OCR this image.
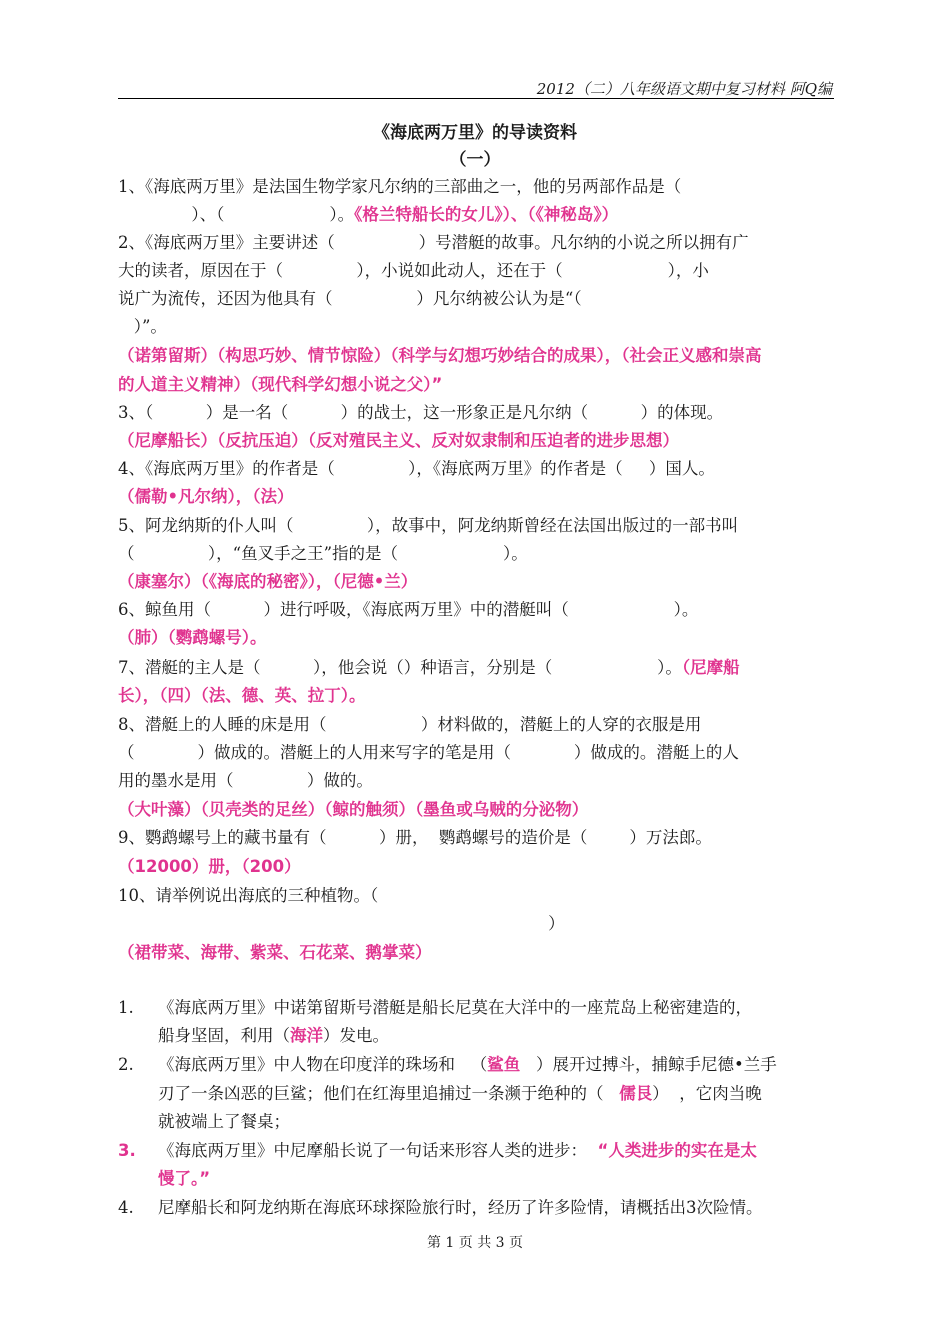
2012（二）八年级语文期中复习材料 阿Q编
《海底两万里》的导读资料
（一）
1、《海底两万里》是法国生物学家凡尔纳的三部曲之一，他的另两部作品是（
）、（                    ）。《格兰特船长的女儿》）、（《神秘岛》）
2、《海底两万里》主要讲述（                ）号潜艇的故事。凡尔纳的小说之所以拥有广
大的读者，原因在于（              ），小说如此动人，还在于（                    ），小
说广为流传，还因为他具有（                ）凡尔纳被公认为是“（
）”。
（诺第留斯）（构思巧妙、情节惊险）（科学与幻想巧妙结合的成果），（社会正义感和崇高
的人道主义精神）（现代科学幻想小说之父）”
3、（          ）是一名（          ）的战士，这一形象正是凡尔纳（          ）的体现。
（尼摩船长）（反抗压迫）（反对殖民主义、反对奴隶制和压迫者的进步思想）
4、《海底两万里》的作者是（              ），《海底两万里》的作者是（     ）国人。
（儒勒•凡尔纳），（法）
5、阿龙纳斯的仆人叫（              ），故事中，阿龙纳斯曾经在法国出版过的一部书叫
（              ），“鱼叉手之王”指的是（                    ）。
（康塞尔）（《海底的秘密》），（尼德•兰）
6、鲸鱼用（          ）进行呼吸，《海底两万里》中的潜艇叫（                    ）。
（肺）（鹦鹉螺号）。
7、潜艇的主人是（          ），他会说（）种语言，分别是（                    ）。（尼摩船
长），（四）（法、德、英、拉丁）。
8、潜艇上的人睡的床是用（                  ）材料做的，潜艇上的人穿的衣服是用
（            ）做成的。潜艇上的人用来写字的笔是用（            ）做成的。潜艇上的人
用的墨水是用（              ）做的。
（大叶藻）（贝壳类的足丝）（鲸的触须）（墨鱼或乌贼的分泌物）
9、鹦鹉螺号上的藏书量有（          ）册，  鹦鹉螺号的造价是（        ）万法郎。
（12000）册，（200）
10、请举例说出海底的三种植物。（
）
（裙带菜、海带、紫菜、石花菜、鹅掌菜）
1.	《海底两万里》中诺第留斯号潜艇是船长尼莫在大洋中的一座荒岛上秘密建造的，
船身坚固，利用（海洋）发电。
2.	《海底两万里》中人物在印度洋的珠场和   （鲨鱼   ）展开过搏斗，捕鲸手尼德•兰手
刃了一条凶恶的巨鲨；他们在红海里追捕过一条濒于绝种的（   儒艮）  ，它肉当晚
就被端上了餐桌；
3.	《海底两万里》中尼摩船长说了一句话来形容人类的进步：  “人类进步的实在是太
慢了。”
4.	尼摩船长和阿龙纳斯在海底环球探险旅行时，经历了许多险情，请概括出3次险情。
第 1 页 共 3 页
